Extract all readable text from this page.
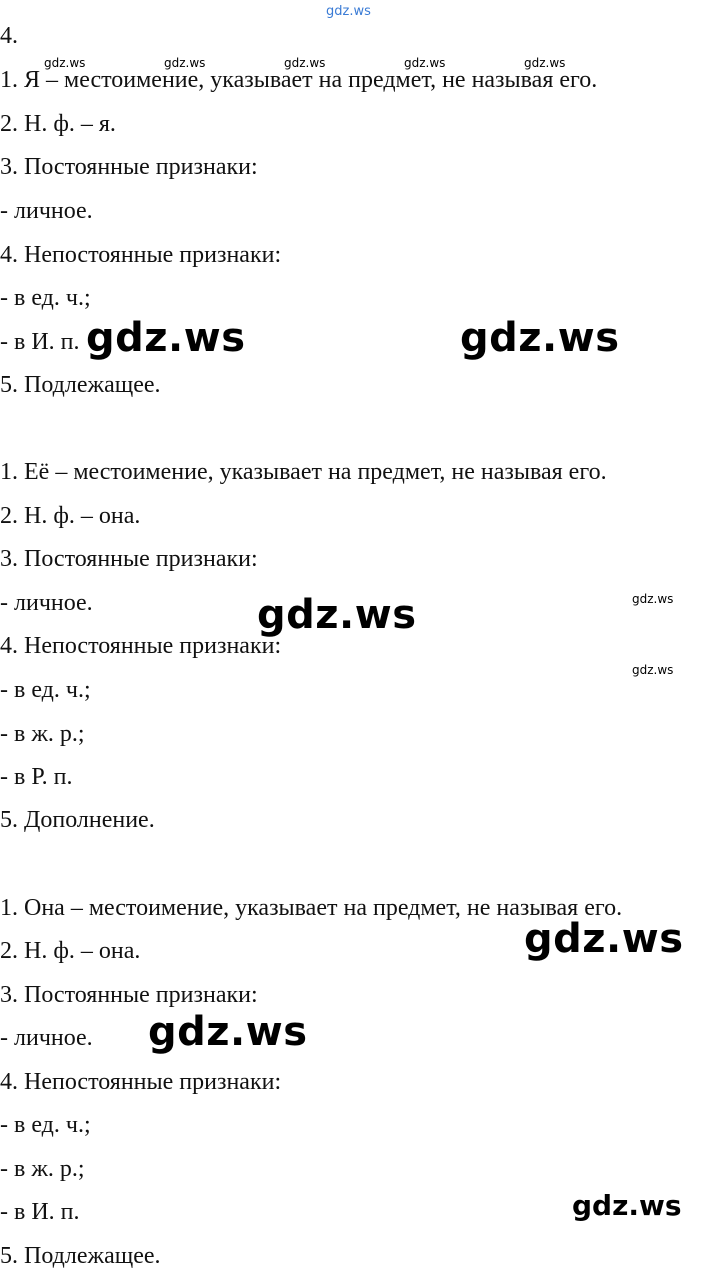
gdz.ws
4.
gdz.ws	gdz.ws	gdz.ws	gdz.ws	gdz.ws
1. Я – местоимение, указывает на предмет, не называя его.
2. Н. ф. – я.
3. Постоянные признаки:
- личное.
4. Непостоянные признаки:
- в ед. ч.;
- в И. п.
5. Подлежащее.
gdz.ws	gdz.ws
1. Её – местоимение, указывает на предмет, не называя его.
2. Н. ф. – она.
3. Постоянные признаки:
- личное.
4. Непостоянные признаки:
- в ед. ч.;
- в ж. р.;
- в Р. п.
5. Дополнение.
gdz.ws	gdz.ws
gdz.ws
1. Она – местоимение, указывает на предмет, не называя его.
2. Н. ф. – она.
3. Постоянные признаки:
- личное.
4. Непостоянные признаки:
- в ед. ч.;
- в ж. р.;
- в И. п.
5. Подлежащее.
gdz.ws
gdz.ws
gdz.ws
